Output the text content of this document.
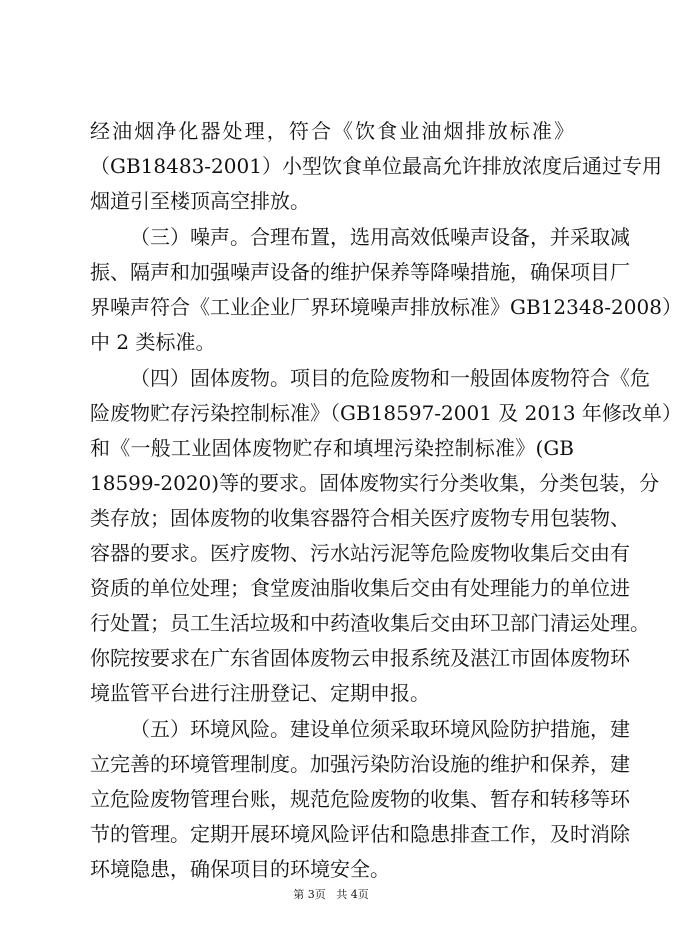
经油烟净化器处理，符合《饮食业油烟排放标准》
（GB18483-2001）小型饮食单位最高允许排放浓度后通过专用
烟道引至楼顶高空排放。
（三）噪声。合理布置，选用高效低噪声设备，并采取减
振、隔声和加强噪声设备的维护保养等降噪措施，确保项目厂
界噪声符合《工业企业厂界环境噪声排放标准》GB12348-2008）
中 2 类标准。
（四）固体废物。项目的危险废物和一般固体废物符合《危
险废物贮存污染控制标准》（GB18597-2001 及 2013 年修改单）
和《一般工业固体废物贮存和填埋污染控制标准》(GB
18599-2020)等的要求。固体废物实行分类收集，分类包装，分
类存放；固体废物的收集容器符合相关医疗废物专用包装物、
容器的要求。医疗废物、污水站污泥等危险废物收集后交由有
资质的单位处理；食堂废油脂收集后交由有处理能力的单位进
行处置；员工生活垃圾和中药渣收集后交由环卫部门清运处理。
你院按要求在广东省固体废物云申报系统及湛江市固体废物环
境监管平台进行注册登记、定期申报。
（五）环境风险。建设单位须采取环境风险防护措施，建
立完善的环境管理制度。加强污染防治设施的维护和保养，建
立危险废物管理台账，规范危险废物的收集、暂存和转移等环
节的管理。定期开展环境风险评估和隐患排查工作，及时消除
环境隐患，确保项目的环境安全。
第 3页 共 4页
